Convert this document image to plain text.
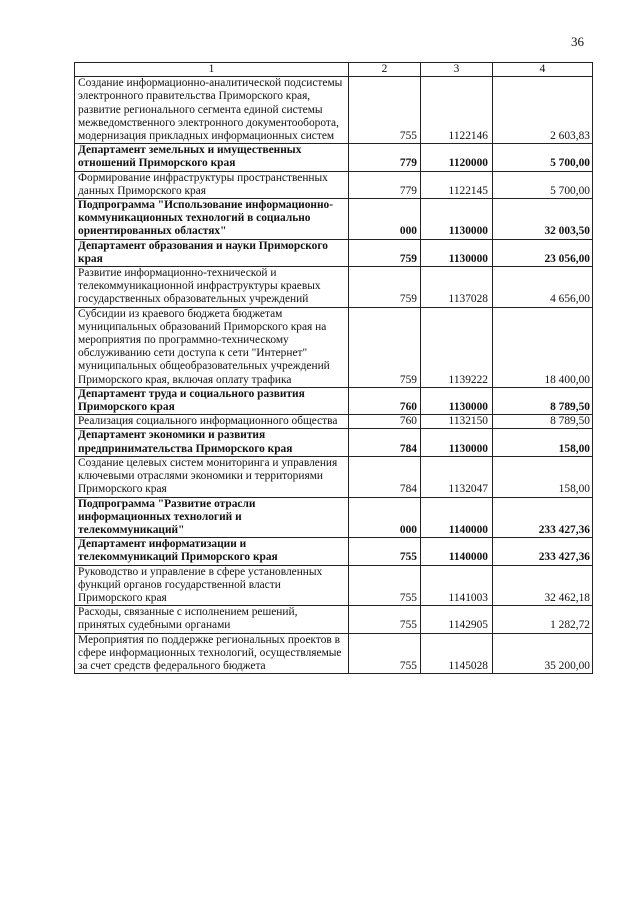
36
1	2	3	4
Создание информационно-аналитической подсистемы электронного правительства Приморского края, развитие регионального сегмента единой системы межведомственного электронного документооборота, модернизация прикладных информационных систем	755	1122146	2 603,83
Департамент земельных и имущественных отношений Приморского края	779	1120000	5 700,00
Формирование инфраструктуры пространственных данных Приморского края	779	1122145	5 700,00
Подпрограмма "Использование информационно-коммуникационных технологий в социально ориентированных областях"	000	1130000	32 003,50
Департамент образования и науки Приморского края	759	1130000	23 056,00
Развитие информационно-технической и телекоммуникационной инфраструктуры краевых государственных образовательных учреждений	759	1137028	4 656,00
Субсидии из краевого бюджета бюджетам муниципальных образований Приморского края на мероприятия по программно-техническому обслуживанию сети доступа к сети "Интернет" муниципальных общеобразовательных учреждений Приморского края, включая оплату трафика	759	1139222	18 400,00
Департамент труда и социального развития Приморского края	760	1130000	8 789,50
Реализация социального информационного общества	760	1132150	8 789,50
Департамент экономики и развития предпринимательства Приморского края	784	1130000	158,00
Создание целевых систем мониторинга и управления ключевыми отраслями экономики и территориями Приморского края	784	1132047	158,00
Подпрограмма "Развитие отрасли информационных технологий и телекоммуникаций"	000	1140000	233 427,36
Департамент информатизации и телекоммуникаций Приморского края	755	1140000	233 427,36
Руководство и управление в сфере установленных функций органов государственной власти Приморского края	755	1141003	32 462,18
Расходы, связанные с исполнением решений, принятых судебными органами	755	1142905	1 282,72
Мероприятия по поддержке региональных проектов в сфере информационных технологий, осуществляемые за счет средств федерального бюджета	755	1145028	35 200,00
